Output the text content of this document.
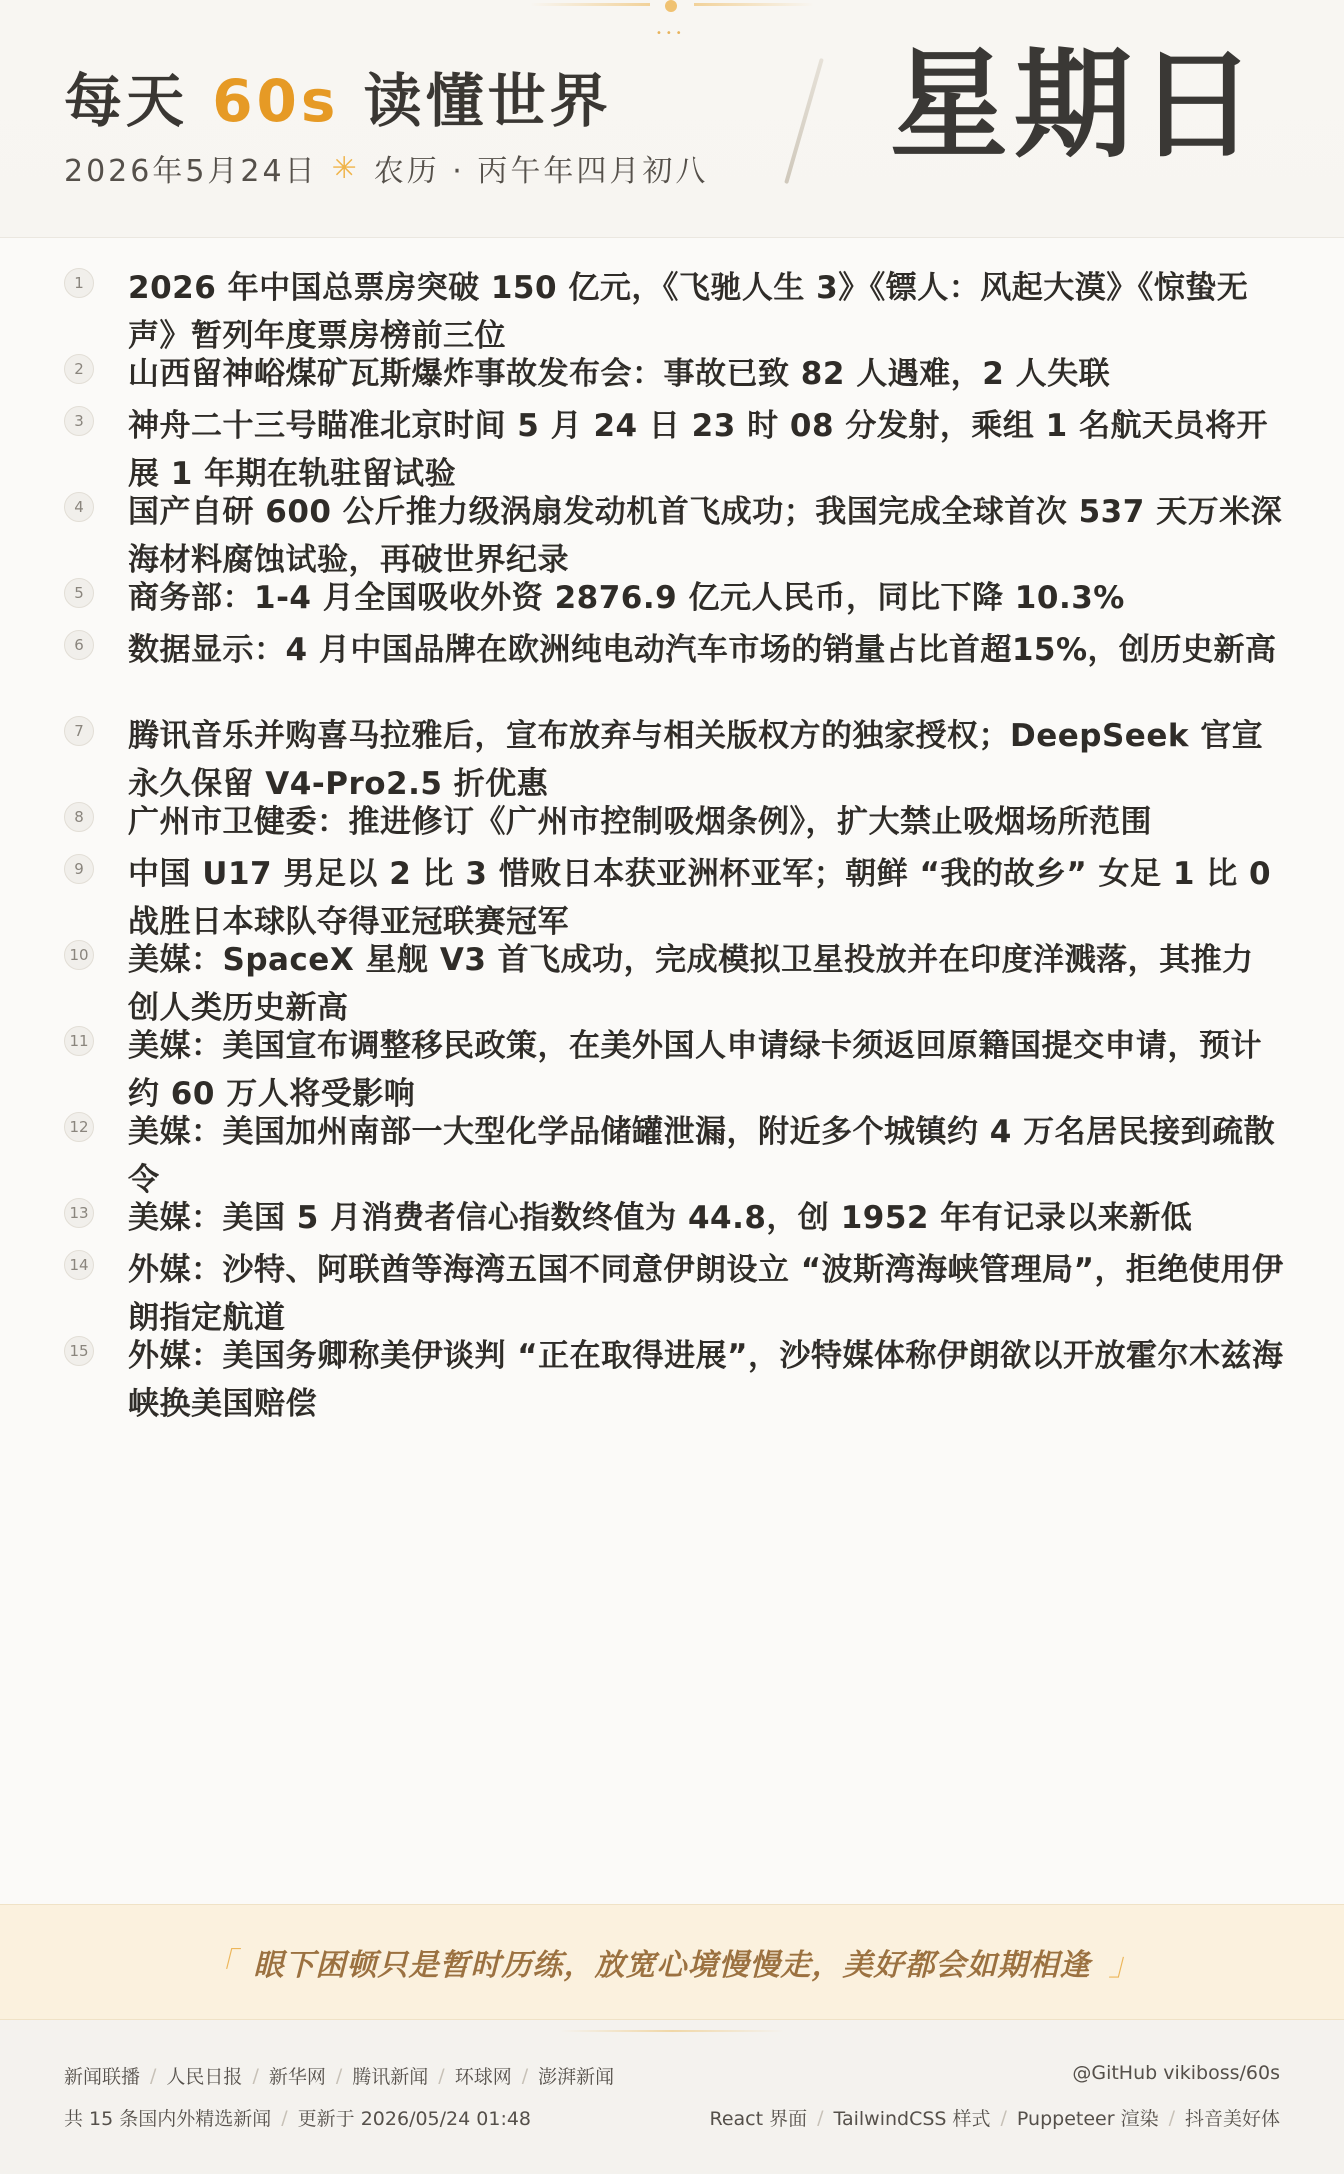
•••
每天 60s 读懂世界
2026年5月24日 ✳ 农历 · 丙午年四月初八 星期日
1	2026 年中国总票房突破 150 亿元，《飞驰人生 3》《镖人：风起大漠》《惊蛰无声》暂列年度票房榜前三位
2	山西留神峪煤矿瓦斯爆炸事故发布会：事故已致 82 人遇难，2 人失联
3	神舟二十三号瞄准北京时间 5 月 24 日 23 时 08 分发射，乘组 1 名航天员将开展 1 年期在轨驻留试验
4	国产自研 600 公斤推力级涡扇发动机首飞成功；我国完成全球首次 537 天万米深海材料腐蚀试验，再破世界纪录
5	商务部：1-4 月全国吸收外资 2876.9 亿元人民币，同比下降 10.3%
6	数据显示：4 月中国品牌在欧洲纯电动汽车市场的销量占比首超15%，创历史新高
7	腾讯音乐并购喜马拉雅后，宣布放弃与相关版权方的独家授权；DeepSeek 官宣永久保留 V4-Pro2.5 折优惠
8	广州市卫健委：推进修订《广州市控制吸烟条例》，扩大禁止吸烟场所范围
9	中国 U17 男足以 2 比 3 惜败日本获亚洲杯亚军；朝鲜 “我的故乡” 女足 1 比 0 战胜日本球队夺得亚冠联赛冠军
10 美媒：SpaceX 星舰 V3 首飞成功，完成模拟卫星投放并在印度洋溅落，其推力创人类历史新高
11 美媒：美国宣布调整移民政策，在美外国人申请绿卡须返回原籍国提交申请，预计约 60 万人将受影响
12 美媒：美国加州南部一大型化学品储罐泄漏，附近多个城镇约 4 万名居民接到疏散令
13 美媒：美国 5 月消费者信心指数终值为 44.8，创 1952 年有记录以来新低
14 外媒：沙特、阿联酋等海湾五国不同意伊朗设立 “波斯湾海峡管理局”，拒绝使用伊朗指定航道
15 外媒：美国务卿称美伊谈判 “正在取得进展”，沙特媒体称伊朗欲以开放霍尔木兹海峡换美国赔偿
「 眼下困顿只是暂时历练，放宽心境慢慢走，美好都会如期相逢 」
新闻联播 / 人民日报 / 新华网 / 腾讯新闻 / 环球网 / 澎湃新闻	@GitHub vikiboss/60s
共 15 条国内外精选新闻 / 更新于 2026/05/24 01:48	React 界面 / TailwindCSS 样式 / Puppeteer 渲染 / 抖音美好体
